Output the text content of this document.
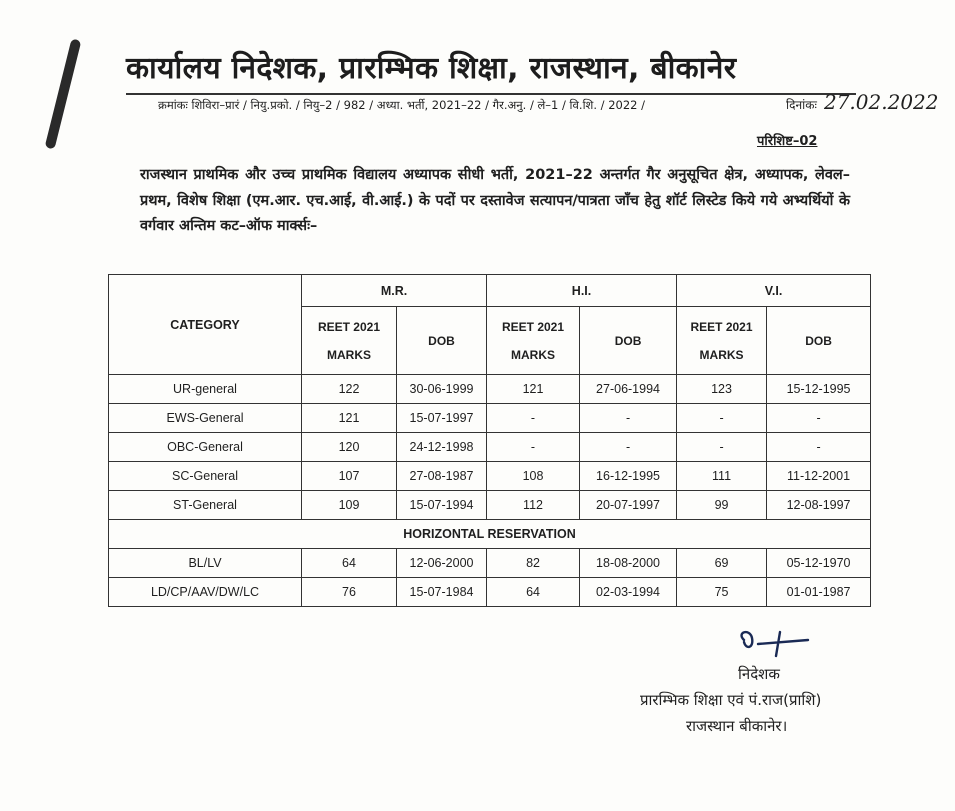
कार्यालय निदेशक, प्रारम्भिक शिक्षा, राजस्थान, बीकानेर
क्रमांकः शिविरा–प्रारं / नियु.प्रको. / नियु–2 / 982 / अध्या. भर्ती, 2021–22 / गैर.अनु. / ले–1 / वि.शि. / 2022 /	दिनांकः 27.02.2022
परिशिष्ट–02
राजस्थान प्राथमिक और उच्च प्राथमिक विद्यालय अध्यापक सीधी भर्ती, 2021–22 अन्तर्गत गैर अनुसूचित क्षेत्र, अध्यापक, लेवल–प्रथम, विशेष शिक्षा (एम.आर. एच.आई, वी.आई.) के पदों पर दस्तावेज सत्यापन/पात्रता जाँच हेतु शॉर्ट लिस्टेड किये गये अभ्यर्थियों के वर्गवार अन्तिम कट–ऑफ मार्क्सः–
CATEGORY	M.R.		H.I.		V.I.	
	REET 2021 MARKS	DOB	REET 2021 MARKS	DOB	REET 2021 MARKS	DOB
UR-general	122	30-06-1999	121	27-06-1994	123	15-12-1995
EWS-General	121	15-07-1997	-	-	-	-
OBC-General	120	24-12-1998	-	-	-	-
SC-General	107	27-08-1987	108	16-12-1995	111	11-12-2001
ST-General	109	15-07-1994	112	20-07-1997	99	12-08-1997
HORIZONTAL RESERVATION						
BL/LV	64	12-06-2000	82	18-08-2000	69	05-12-1970
LD/CP/AAV/DW/LC	76	15-07-1984	64	02-03-1994	75	01-01-1987
निदेशक
प्रारम्भिक शिक्षा एवं पं.राज(प्राशि)
राजस्थान बीकानेर।
